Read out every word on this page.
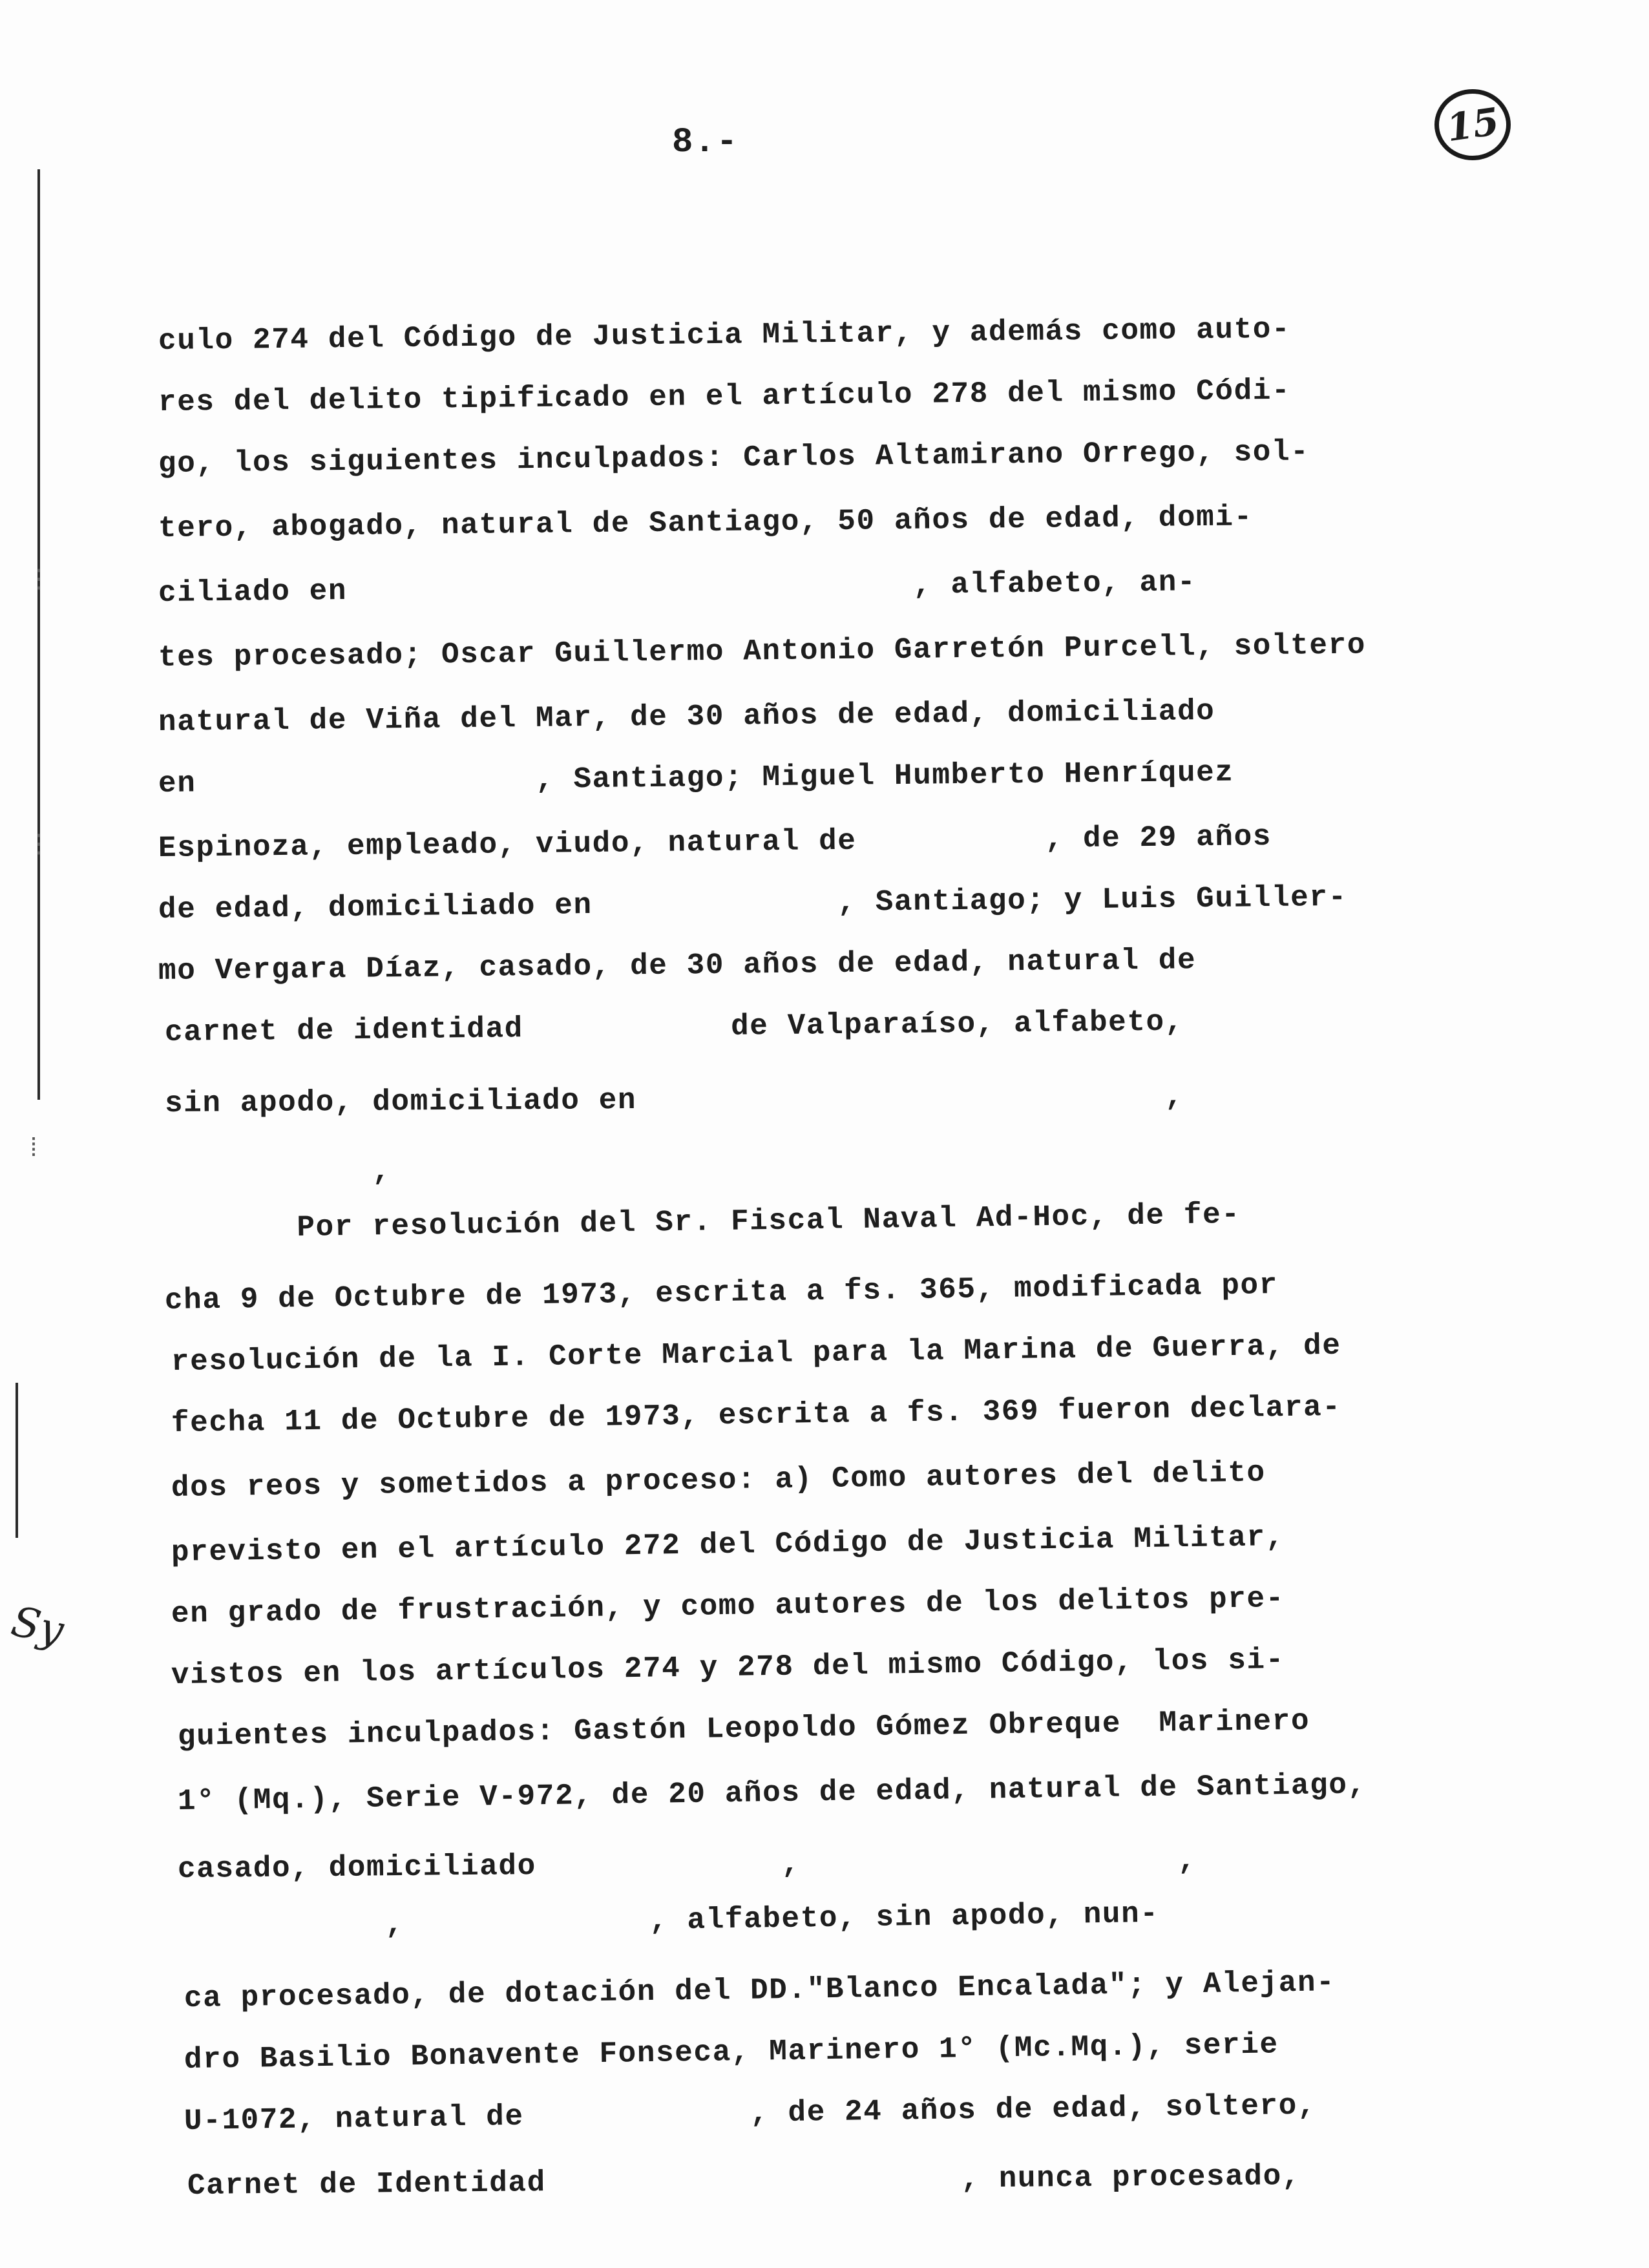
8.-	15
⋮
⋮
⁞
Sy
culo 274 del Código de Justicia Militar, y además como auto-
res del delito tipificado en el artículo 278 del mismo Códi-
go, los siguientes inculpados: Carlos Altamirano Orrego, sol-
tero, abogado, natural de Santiago, 50 años de edad, domi-
ciliado en                              , alfabeto, an-
tes procesado; Oscar Guillermo Antonio Garretón Purcell, soltero
natural de Viña del Mar, de 30 años de edad, domiciliado
en                  , Santiago; Miguel Humberto Henríquez
Espinoza, empleado, viudo, natural de          , de 29 años
de edad, domiciliado en             , Santiago; y Luis Guiller-
mo Vergara Díaz, casado, de 30 años de edad, natural de
carnet de identidad           de Valparaíso, alfabeto,
sin apodo, domiciliado en                            ,
,
Por resolución del Sr. Fiscal Naval Ad-Hoc, de fe-
cha 9 de Octubre de 1973, escrita a fs. 365, modificada por
resolución de la I. Corte Marcial para la Marina de Guerra, de
fecha 11 de Octubre de 1973, escrita a fs. 369 fueron declara-
dos reos y sometidos a proceso: a) Como autores del delito
previsto en el artículo 272 del Código de Justicia Militar,
en grado de frustración, y como autores de los delitos pre-
vistos en los artículos 274 y 278 del mismo Código, los si-
guientes inculpados: Gastón Leopoldo Gómez Obreque  Marinero
1° (Mq.), Serie V-972, de 20 años de edad, natural de Santiago,
casado, domiciliado             ,                    ,
,             , alfabeto, sin apodo, nun-
ca procesado, de dotación del DD."Blanco Encalada"; y Alejan-
dro Basilio Bonavente Fonseca, Marinero 1° (Mc.Mq.), serie
U-1072, natural de            , de 24 años de edad, soltero,
Carnet de Identidad                      , nunca procesado,
